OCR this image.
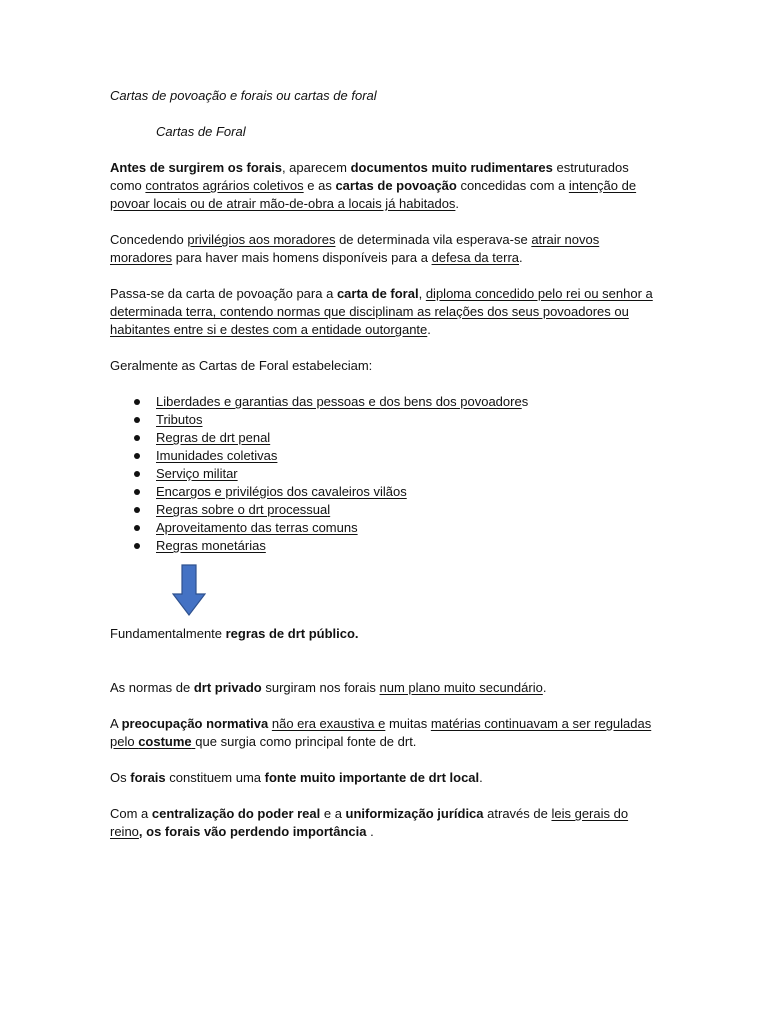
Cartas de povoação e forais ou cartas de foral

Cartas de Foral

Antes de surgirem os forais, aparecem documentos muito rudimentares estruturados como contratos agrários coletivos e as cartas de povoação concedidas com a intenção de povoar locais ou de atrair mão-de-obra a locais já habitados.

Concedendo privilégios aos moradores de determinada vila esperava-se atrair novos moradores para haver mais homens disponíveis para a defesa da terra.

Passa-se da carta de povoação para a carta de foral, diploma concedido pelo rei ou senhor a determinada terra, contendo normas que disciplinam as relações dos seus povoadores ou habitantes entre si e destes com a entidade outorgante.

Geralmente as Cartas de Foral estabeleciam:

Liberdades e garantias das pessoas e dos bens dos povoadores
Tributos
Regras de drt penal
Imunidades coletivas
Serviço militar
Encargos e privilégios dos cavaleiros vilãos
Regras sobre o drt processual
Aproveitamento das terras comuns
Regras monetárias

Fundamentalmente regras de drt público.

As normas de drt privado surgiram nos forais num plano muito secundário.

A preocupação normativa não era exaustiva e muitas matérias continuavam a ser reguladas pelo costume que surgia como principal fonte de drt.

Os forais constituem uma fonte muito importante de drt local.

Com a centralização do poder real e a uniformização jurídica através de leis gerais do reino, os forais vão perdendo importância .
